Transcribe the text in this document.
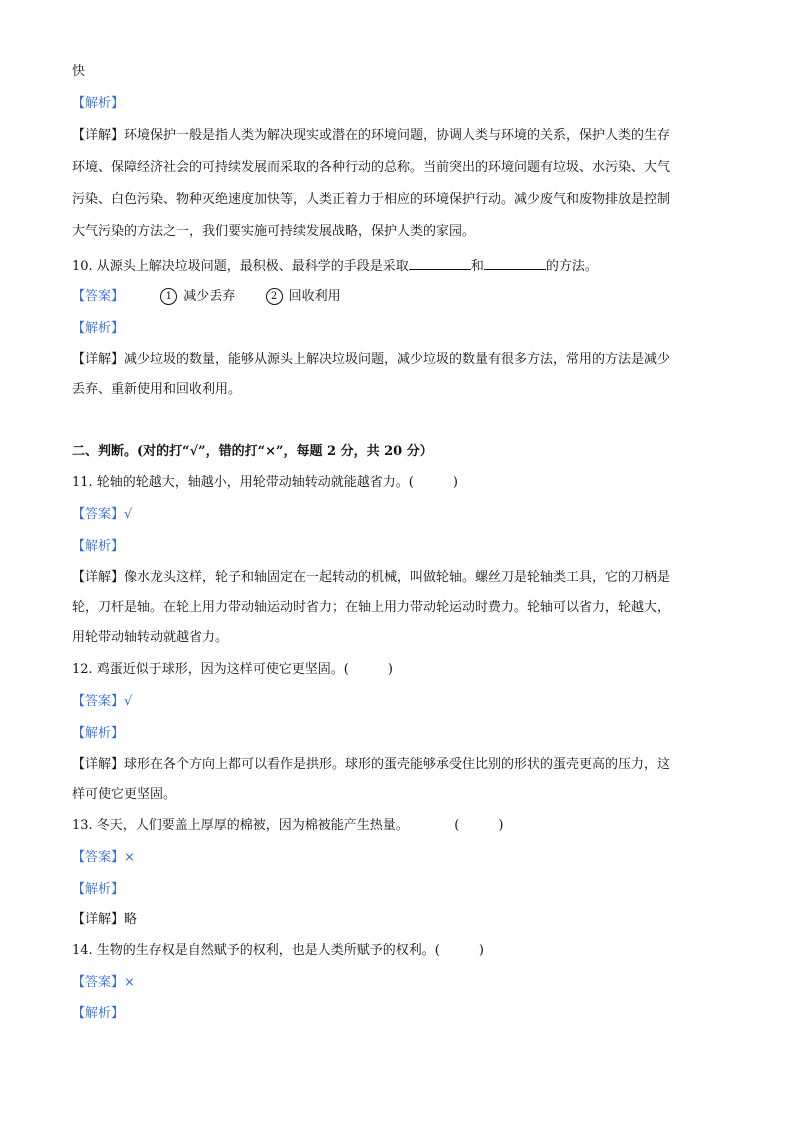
快
【解析】
【详解】环境保护一般是指人类为解决现实或潜在的环境问题，协调人类与环境的关系，保护人类的生存
环境、保障经济社会的可持续发展而采取的各种行动的总称。当前突出的环境问题有垃圾、水污染、大气
污染、白色污染、物种灭绝速度加快等，人类正着力于相应的环境保护行动。减少废气和废物排放是控制
大气污染的方法之一，我们要实施可持续发展战略，保护人类的家园。
10. 从源头上解决垃圾问题，最积极、最科学的手段是采取	和	的方法。
【答案】	1 减少丢弃	2 回收利用
【解析】
【详解】减少垃圾的数量，能够从源头上解决垃圾问题，减少垃圾的数量有很多方法，常用的方法是减少
丢弃、重新使用和回收利用。
二、判断。(对的打“√”，错的打“×”，每题 2 分，共 20 分）
11. 轮轴的轮越大，轴越小，用轮带动轴转动就能越省力。(　　　)
【答案】√
【解析】
【详解】像水龙头这样，轮子和轴固定在一起转动的机械，叫做轮轴。螺丝刀是轮轴类工具，它的刀柄是
轮，刀杆是轴。在轮上用力带动轴运动时省力；在轴上用力带动轮运动时费力。轮轴可以省力，轮越大，
用轮带动轴转动就越省力。
12. 鸡蛋近似于球形，因为这样可使它更坚固。(　　　)
【答案】√
【解析】
【详解】球形在各个方向上都可以看作是拱形。球形的蛋壳能够承受住比别的形状的蛋壳更高的压力，这
样可使它更坚固。
13. 冬天，人们要盖上厚厚的棉被，因为棉被能产生热量。　　　　(　　　)
【答案】×
【解析】
【详解】略
14. 生物的生存权是自然赋予的权利，也是人类所赋予的权利。(　　　)
【答案】×
【解析】
